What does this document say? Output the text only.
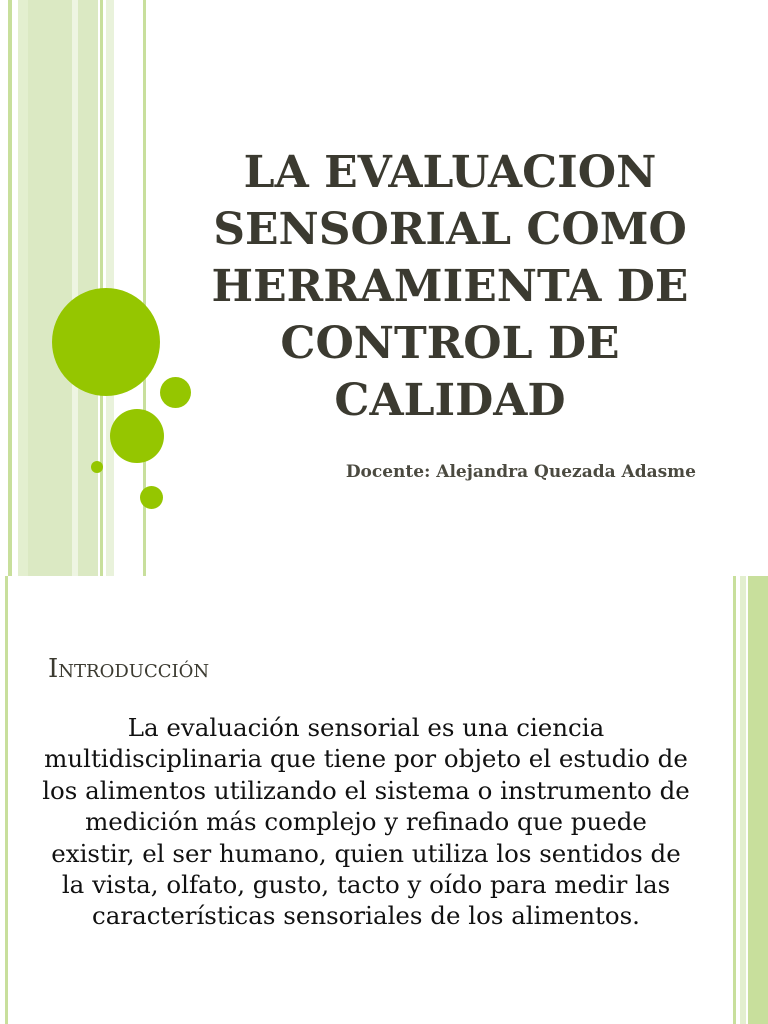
LA EVALUACION SENSORIAL COMO HERRAMIENTA DE CONTROL DE CALIDAD
Docente: Alejandra Quezada Adasme
Introducción

La evaluación sensorial es una ciencia multidisciplinaria que tiene por objeto el estudio de los alimentos utilizando el sistema o instrumento de medición más complejo y refinado que puede existir, el ser humano, quien utiliza los sentidos de la vista, olfato, gusto, tacto y oído para medir las características sensoriales de los alimentos.
